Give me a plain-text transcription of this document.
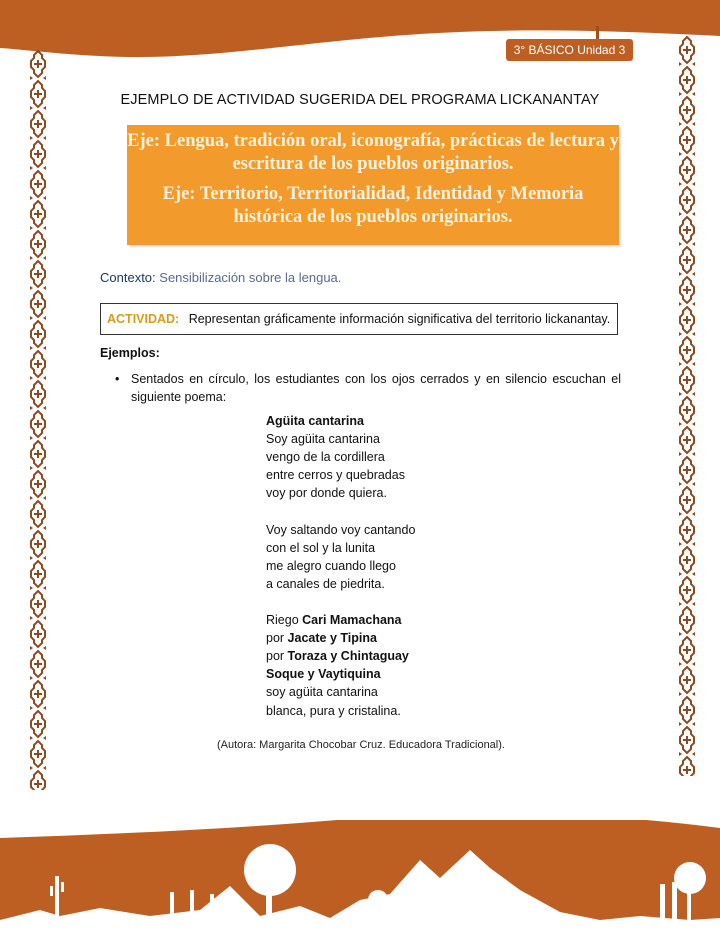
3° BÁSICO Unidad 3
EJEMPLO DE ACTIVIDAD SUGERIDA DEL PROGRAMA LICKANANTAY
Eje: Lengua, tradición oral, iconografía, prácticas de lectura y escritura de los pueblos originarios.
Eje: Territorio, Territorialidad, Identidad y Memoria histórica de los pueblos originarios.
Contexto: Sensibilización sobre la lengua.
ACTIVIDAD: Representan gráficamente información significativa del territorio lickanantay.
Ejemplos:
• Sentados en círculo, los estudiantes con los ojos cerrados y en silencio escuchan el siguiente poema:
Agüita cantarina
Soy agüita cantarina
vengo de la cordillera
entre cerros y quebradas
voy por donde quiera.
Voy saltando voy cantando
con el sol y la lunita
me alegro cuando llego
a canales de piedrita.
Riego Cari Mamachana
por Jacate y Tipina
por Toraza y Chintaguay
Soque y Vaytiquina
soy agüita cantarina
blanca, pura y cristalina.
(Autora: Margarita Chocobar Cruz. Educadora Tradicional).
